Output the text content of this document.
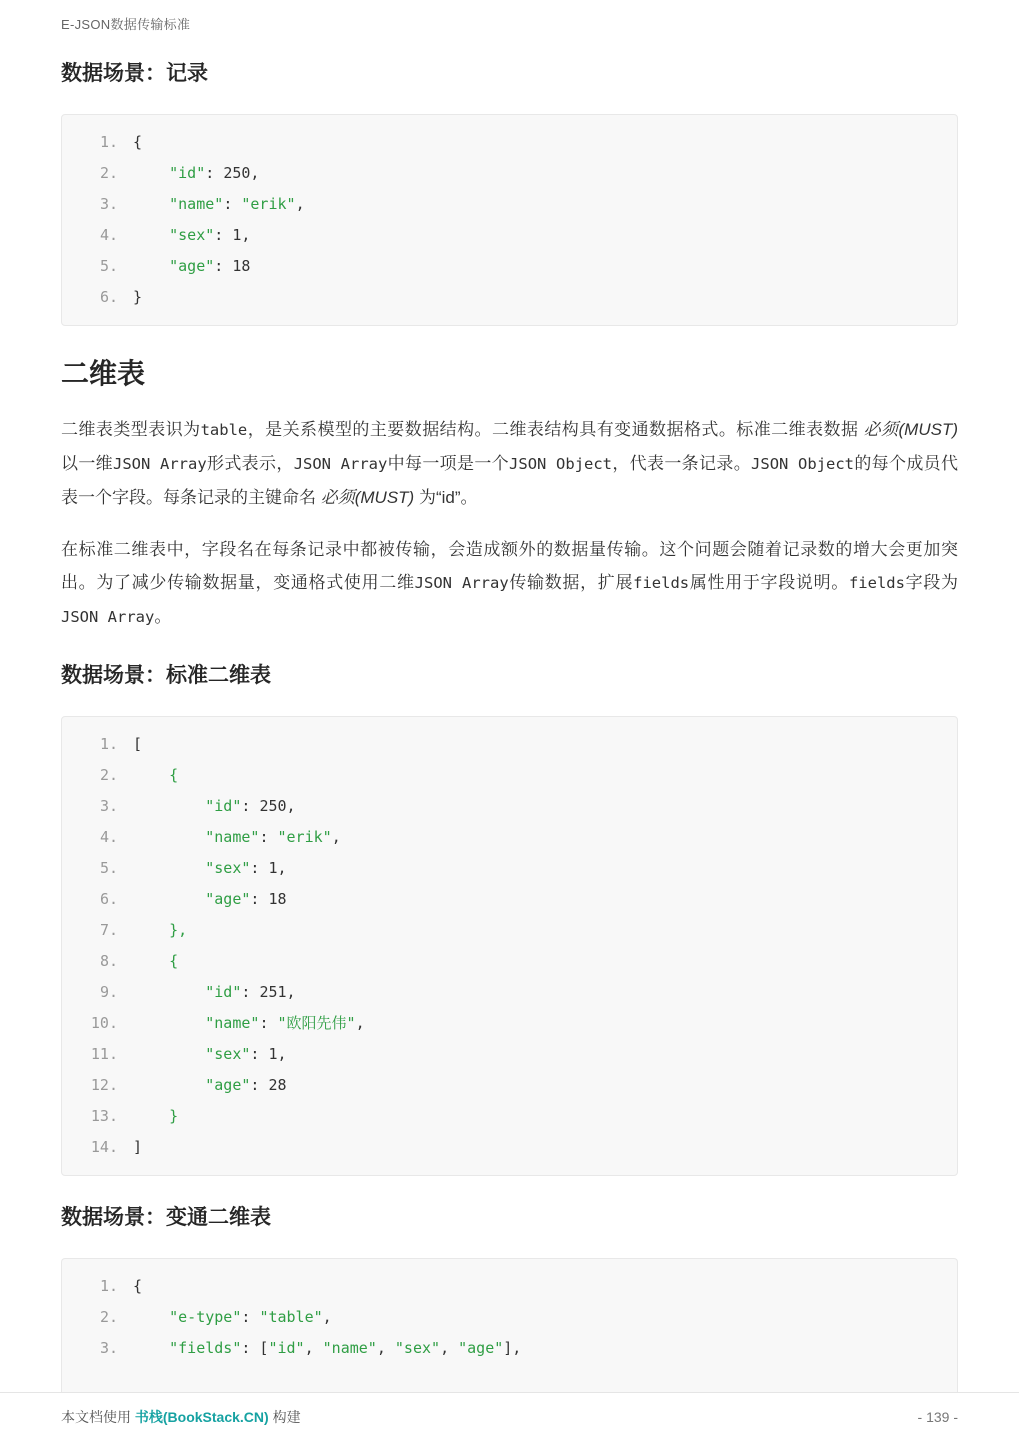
E-JSON数据传输标准
数据场景：记录
1. {
2.	"id": 250,
3.	"name": "erik",
4.	"sex": 1,
5.	"age": 18
6. }
二维表

二维表类型表识为table，是关系模型的主要数据结构。二维表结构具有变通数据格式。标准二维表数据 必须(MUST) 以一维JSON Array形式表示，JSON Array中每一项是一个JSON Object，代表一条记录。JSON Object的每个成员代表一个字段。每条记录的主键命名 必须(MUST) 为“id”。

在标准二维表中，字段名在每条记录中都被传输，会造成额外的数据量传输。这个问题会随着记录数的增大会更加突出。为了减少传输数据量，变通格式使用二维JSON Array传输数据，扩展fields属性用于字段说明。fields字段为JSON Array。

数据场景：标准二维表
1. [
2.	{
3.	"id": 250,
4.	"name": "erik",
5.	"sex": 1,
6.	"age": 18
7.	},
8.	{
9.	"id": 251,
10.	"name": "欧阳先伟",
11.	"sex": 1,
12.	"age": 28
13.	}
14. ]
数据场景：变通二维表
1. {
2.	"e-type": "table",
3.	"fields": ["id", "name", "sex", "age"],
本文档使用 书栈(BookStack.CN) 构建	- 139 -
